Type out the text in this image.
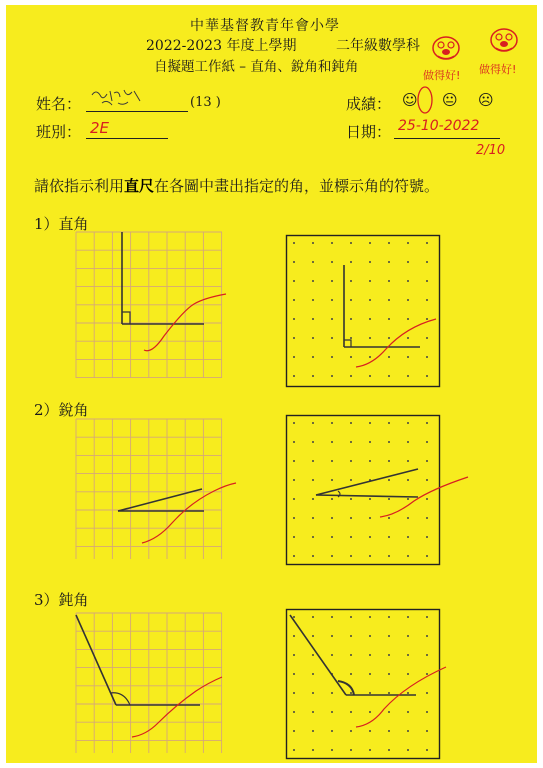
中華基督教青年會小學
2022-2023 年度上學期	二年級數學科
自擬題工作紙 – 直角、銳角和鈍角
做得好! 做得好!
姓名：	(13 )
班別： 2E
成績： ☺ 😐 ☹
日期： 25-10-2022
2/10
請依指示利用直尺在各圖中畫出指定的角，並標示角的符號。
1）直角
2）銳角
3）鈍角
